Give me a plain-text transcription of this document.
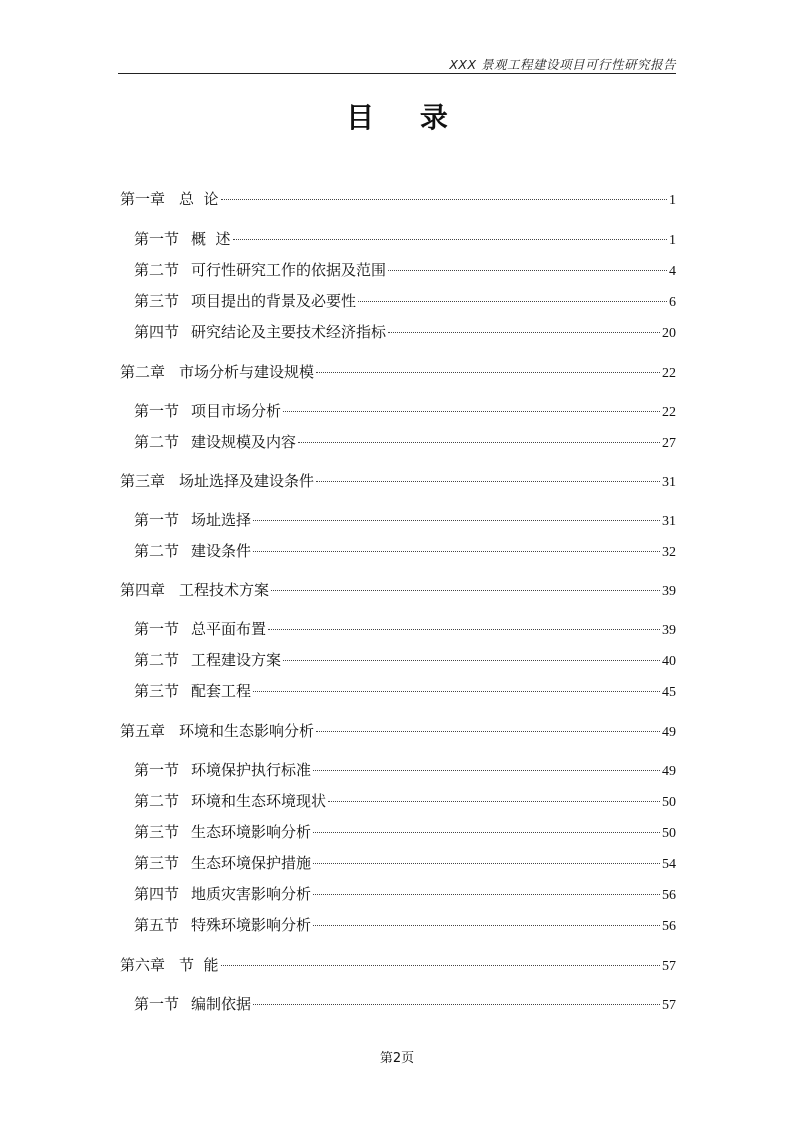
XXX 景观工程建设项目可行性研究报告
目 录
第一章 总  论	1
第一节 概  述	1
第二节 可行性研究工作的依据及范围	4
第三节 项目提出的背景及必要性	6
第四节 研究结论及主要技术经济指标	20
第二章 市场分析与建设规模	22
第一节 项目市场分析	22
第二节 建设规模及内容	27
第三章 场址选择及建设条件	31
第一节 场址选择	31
第二节 建设条件	32
第四章 工程技术方案	39
第一节 总平面布置	39
第二节 工程建设方案	40
第三节 配套工程	45
第五章 环境和生态影响分析	49
第一节 环境保护执行标准	49
第二节 环境和生态环境现状	50
第三节 生态环境影响分析	50
第三节 生态环境保护措施	54
第四节 地质灾害影响分析	56
第五节 特殊环境影响分析	56
第六章 节  能	57
第一节 编制依据	57
第2页
